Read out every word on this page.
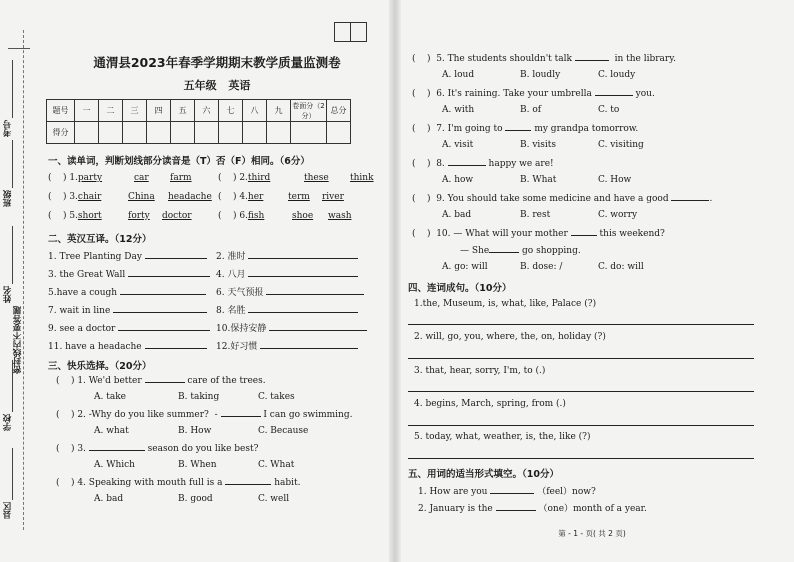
考号
班级
姓名
密封线内不要答题
学校
县区
通渭县2023年春季学期期末教学质量监测卷
五年级 英语
题号	一	二	三	四	五	六	七	八	九	卷面分（2分）	总分
得分											
一、读单词，判断划线部分读音是（T）否（F）相同。（6分）
(    ) 1.party	car farm	(    ) 2.third	these think
(    ) 3.chair	China headache (    ) 4.her	term river
(    ) 5.short	forty doctor	(    ) 6.fish	shoe wash
二、英汉互译。（12分）
1. Tree Planting Day	2. 准时
3. the Great Wall	4. 八月
5.have a cough	6. 天气预报
7. wait in line	8. 名胜
9. see a doctor	10.保持安静
11. have a headache	12.好习惯
三、快乐选择。（20分）
(    ) 1. We'd better	care of the trees.
A. take	B. taking	C. takes
(    ) 2. -Why do you like summer? -	I can go swimming.
A. what	B. How	C. Because
(    ) 3.	season do you like best?
A. Which	B. When	C. What
(    ) 4. Speaking with mouth full is a	habit.
A. bad	B. good	C. well
(    )  5. The students shouldn't talk	in the library.
A. loud	B. loudly	C. loudy
(    )  6. It's raining. Take your umbrella	you.
A. with	B. of	C. to
(    )  7. I'm going to	my grandpa tomorrow.
A. visit	B. visits	C. visiting
(    )  8.	happy we are!
A. how	B. What	C. How
(    )  9. You should take some medicine and have a good	.
A. bad	B. rest	C. worry
(    )  10. — What will your mother	this weekend?
— She	go shopping.
A. go: will	B. dose: /	C. do: will
四、连词成句。（10分）
1.the, Museum, is, what, like, Palace (?)
2. will, go, you, where, the, on, holiday (?)
3. that, hear, sorry, I'm, to (.)
4. begins, March, spring, from (.)
5. today, what, weather, is, the, like (?)
五、用词的适当形式填空。（10分）
1. How are you	（feel）now?
2. January is the	（one）month of a year.
第 - 1 - 页( 共 2 页)
